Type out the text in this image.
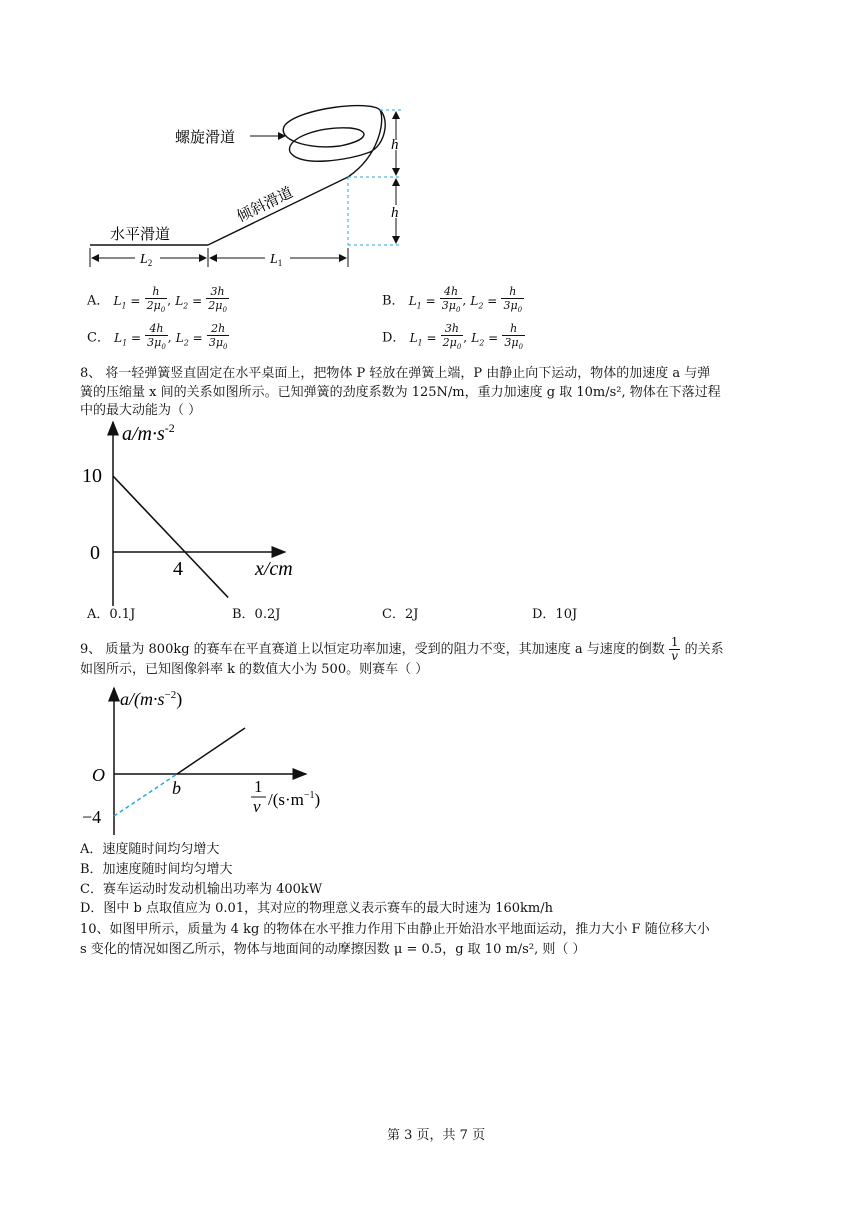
h
h
螺旋滑道
倾斜滑道
水平滑道
$L_2$	$L_1$
A． $L_1 = \frac{h}{2\mu_0}$ , $L_2 = \frac{3h}{2\mu_0}$	B． $L_1 = \frac{4h}{3\mu_0}$ , $L_2 = \frac{h}{3\mu_0}$
C． $L_1 = \frac{4h}{3\mu_0}$ , $L_2 = \frac{2h}{3\mu_0}$	D． $L_1 = \frac{3h}{2\mu_0}$ , $L_2 = \frac{h}{3\mu_0}$
8、 将一轻弹簧竖直固定在水平桌面上，把物体 P 轻放在弹簧上端，P 由静止向下运动，物体的加速度 a 与弹
簧的压缩量 x 间的关系如图所示。已知弹簧的劲度系数为 125N/m，重力加速度 g 取 10m/s², 物体在下落过程
中的最大动能为（ ）
$a/m\cdot s^{-2}$
10
0
4	x/cm
A．0.1J	B．0.2J	C．2J	D．10J
9、 质量为 800kg 的赛车在平直赛道上以恒定功率加速，受到的阻力不变，其加速度 a 与速度的倒数 $\frac{1}{v}$ 的关系
如图所示，已知图像斜率 k 的数值大小为 500。则赛车（ ）
$a/(m\cdot s^{-2})$
O
b
−4
1
v $/(s\cdot m^{-1})$
A．速度随时间均匀增大
B．加速度随时间均匀增大
C．赛车运动时发动机输出功率为 400kW
D．图中 b 点取值应为 0.01，其对应的物理意义表示赛车的最大时速为 160km/h
10、如图甲所示，质量为 4 kg 的物体在水平推力作用下由静止开始沿水平地面运动，推力大小 F 随位移大小
s 变化的情况如图乙所示，物体与地面间的动摩擦因数 μ = 0.5，g 取 10 m/s², 则（ ）
第 3 页，共 7 页
